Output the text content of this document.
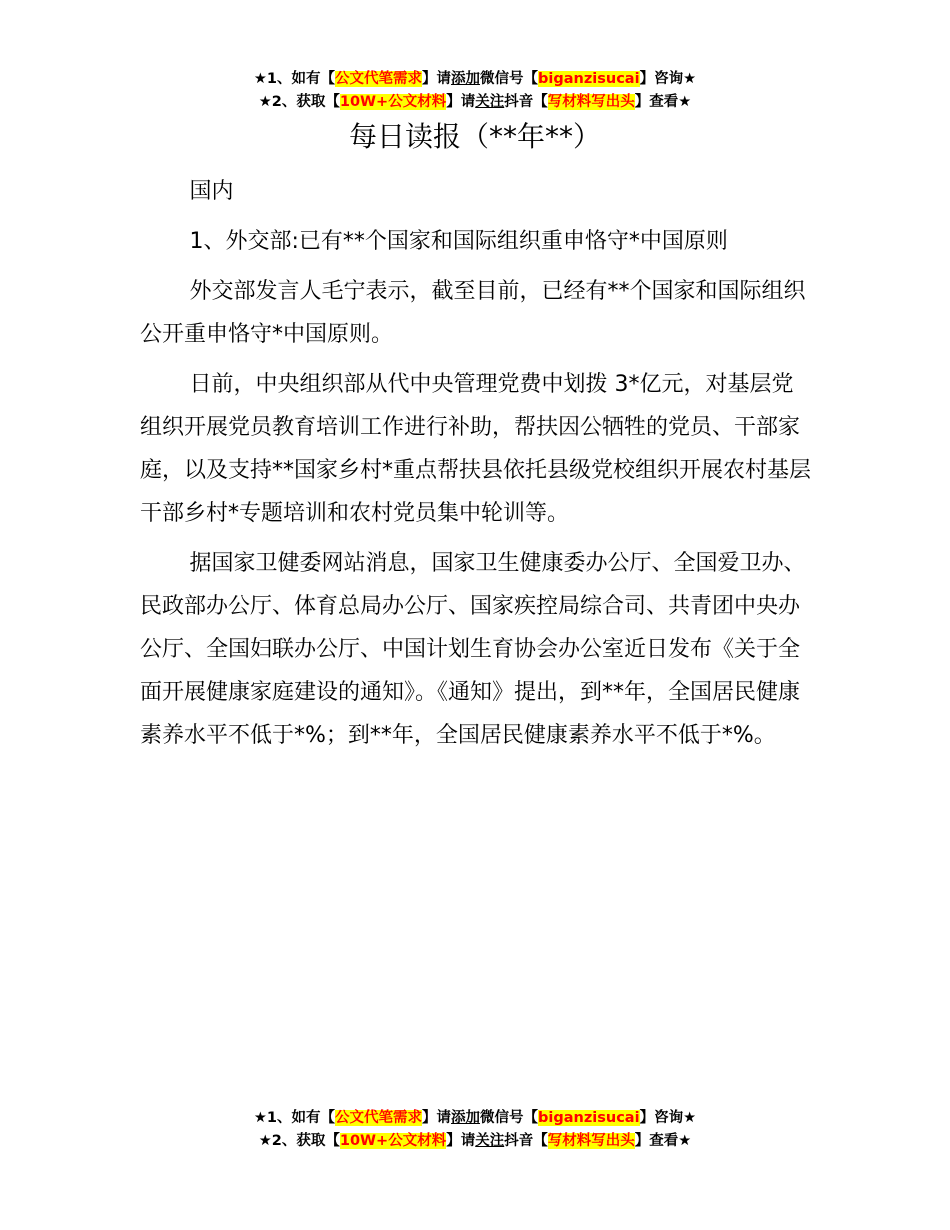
★1、如有【公文代笔需求】请添加微信号【biganzisucai】咨询★
★2、获取【10W+公文材料】请关注抖音【写材料写出头】查看★
每日读报（**年**）

国内

1、外交部:已有**个国家和国际组织重申恪守*中国原则

外交部发言人毛宁表示，截至目前，已经有**个国家和国际组织公开重申恪守*中国原则。

日前，中央组织部从代中央管理党费中划拨 3*亿元，对基层党组织开展党员教育培训工作进行补助，帮扶因公牺牲的党员、干部家庭，以及支持**国家乡村*重点帮扶县依托县级党校组织开展农村基层干部乡村*专题培训和农村党员集中轮训等。

据国家卫健委网站消息，国家卫生健康委办公厅、全国爱卫办、民政部办公厅、体育总局办公厅、国家疾控局综合司、共青团中央办公厅、全国妇联办公厅、中国计划生育协会办公室近日发布《关于全面开展健康家庭建设的通知》。《通知》提出，到**年，全国居民健康素养水平不低于*%；到**年，全国居民健康素养水平不低于*%。

★1、如有【公文代笔需求】请添加微信号【biganzisucai】咨询★
★2、获取【10W+公文材料】请关注抖音【写材料写出头】查看★
